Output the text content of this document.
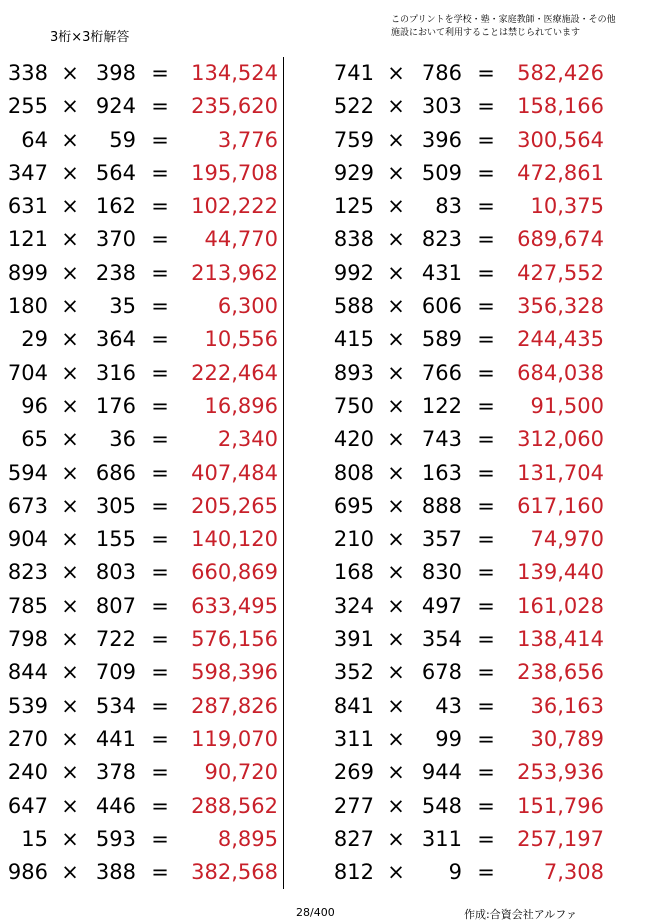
3桁×3桁解答
このプリントを学校・塾・家庭教師・医療施設・その他
施設において利用することは禁じられています
338 × 398 =	134,524
255 × 924 =	235,620
64 ×	59 =	3,776
347 × 564 =	195,708
631 × 162 =	102,222
121 × 370 =	44,770
899 × 238 =	213,962
180 ×	35 =	6,300
29 × 364 =	10,556
704 × 316 =	222,464
96 × 176 =	16,896
65 ×	36 =	2,340
594 × 686 =	407,484
673 × 305 =	205,265
904 × 155 =	140,120
823 × 803 =	660,869
785 × 807 =	633,495
798 × 722 =	576,156
844 × 709 =	598,396
539 × 534 =	287,826
270 × 441 =	119,070
240 × 378 =	90,720
647 × 446 =	288,562
15 × 593 =	8,895
986 × 388 =	382,568
741 × 786 =	582,426
522 × 303 =	158,166
759 × 396 =	300,564
929 × 509 =	472,861
125 ×	83 =	10,375
838 × 823 =	689,674
992 × 431 =	427,552
588 × 606 =	356,328
415 × 589 =	244,435
893 × 766 =	684,038
750 × 122 =	91,500
420 × 743 =	312,060
808 × 163 =	131,704
695 × 888 =	617,160
210 × 357 =	74,970
168 × 830 =	139,440
324 × 497 =	161,028
391 × 354 =	138,414
352 × 678 =	238,656
841 ×	43 =	36,163
311 ×	99 =	30,789
269 × 944 =	253,936
277 × 548 =	151,796
827 × 311 =	257,197
812 ×	9 =	7,308
28/400	作成:合資会社アルファ
